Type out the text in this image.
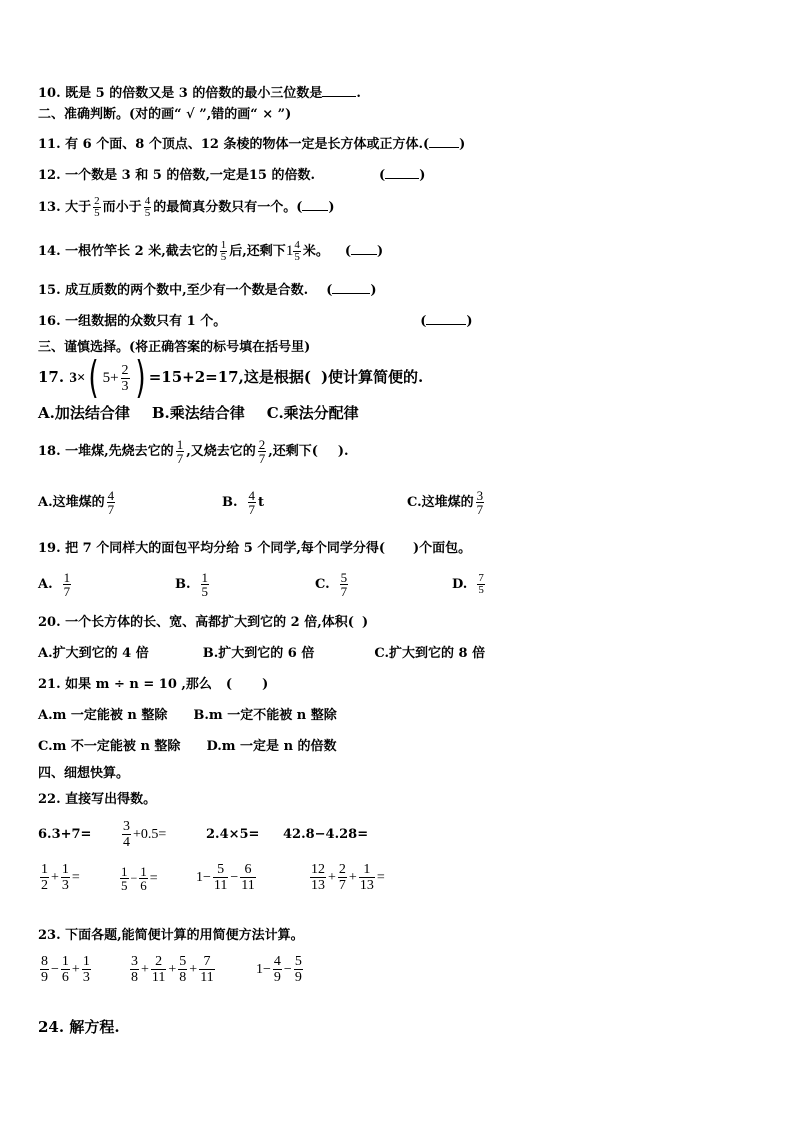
10. 既是 5 的倍数又是 3 的倍数的最小三位数是	.
二、准确判断。(对的画“ √ ”,错的画“ × ”)
11. 有 6 个面、8 个顶点、12 条棱的物体一定是长方体或正方体.( )
12. 一个数是 3 和 5 的倍数,一定是15 的倍数.	(	)
13. 大于 $\frac{2}{5}$ 而小于 $\frac{4}{5}$ 的最简真分数只有一个。( )
14. 一根竹竿长 2 米,截去它的 $\frac{1}{5}$ 后,还剩下$1 \frac{4}{5}$ 米。 ( )
15. 成互质数的两个数中,至少有一个数是合数. (	)
16. 一组数据的众数只有 1 个。	(	)
三、谨慎选择。(将正确答案的标号填在括号里)
17. 3×( $5+ \frac{2}{3}$ ) =15+2=17,这是根据( )使计算简便的.
A.加法结合律 B.乘法结合律 C.乘法分配律
18. 一堆煤,先烧去它的 $\frac{1}{7}$ ,又烧去它的 $\frac{2}{7}$ ,还剩下( ).
A.这堆煤的 $\frac{4}{7}$	B. $\frac{4}{7}$ t	C.这堆煤的 $\frac{3}{7}$
19. 把 7 个同样大的面包平均分给 5 个同学,每个同学分得( )个面包。
A. $\frac{1}{7}$	B. $\frac{1}{5}$	C. $\frac{5}{7}$	D. $\frac{7}{5}$
20. 一个长方体的长、宽、高都扩大到它的 2 倍,体积( )
A.扩大到它的 4 倍	B.扩大到它的 6 倍	C.扩大到它的 8 倍
21. 如果 m ÷ n = 10 ,那么 ( )
A.m 一定能被 n 整除 B.m 一定不能被 n 整除
C.m 不一定能被 n 整除 D.m 一定是 n 的倍数
四、细想快算。
22. 直接写出得数。
$6.3+7= \frac{3}{4} +0.5=$	2.4×5= 42.8−4.28=
$\frac{1}{2} + \frac{1}{3}$ =	$\frac{1}{5} - \frac{1}{6}$ =	$1- \frac{5}{11} - \frac{6}{11}$	$\frac{12}{13} + \frac{2}{7} + \frac{1}{13}$ =
23. 下面各题,能简便计算的用简便方法计算。
$\frac{8}{9} - \frac{1}{6} + \frac{1}{3}$	$\frac{3}{8} + \frac{2}{11} + \frac{5}{8} + \frac{7}{11}$	$1- \frac{4}{9} - \frac{5}{9}$
24. 解方程.
